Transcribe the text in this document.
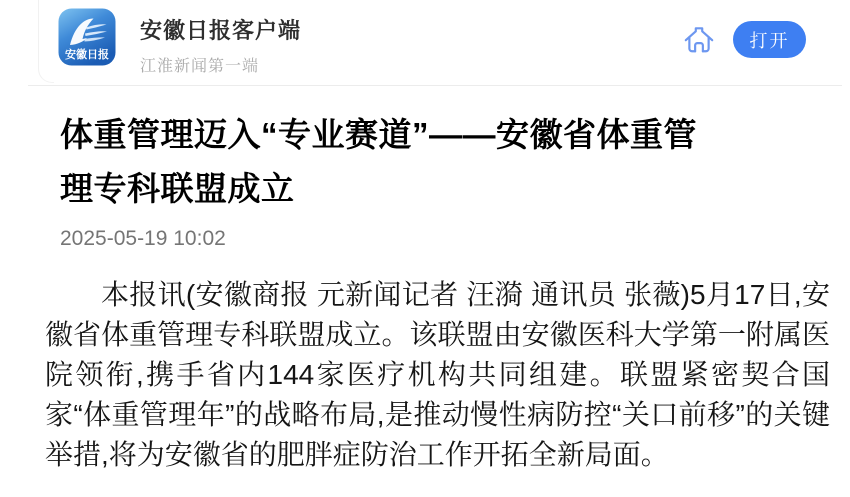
安徽日报
安徽日报客户端
江淮新闻第一端
打开
体重管理迈入“专业赛道”——安徽省体重管理专科联盟成立
2025-05-19 10:02

本报讯(安徽商报 元新闻记者 汪漪 通讯员 张薇)5月17日,安徽省体重管理专科联盟成立。该联盟由安徽医科大学第一附属医院领衔,携手省内144家医疗机构共同组建。联盟紧密契合国家“体重管理年”的战略布局,是推动慢性病防控“关口前移”的关键举措,将为安徽省的肥胖症防治工作开拓全新局面。
